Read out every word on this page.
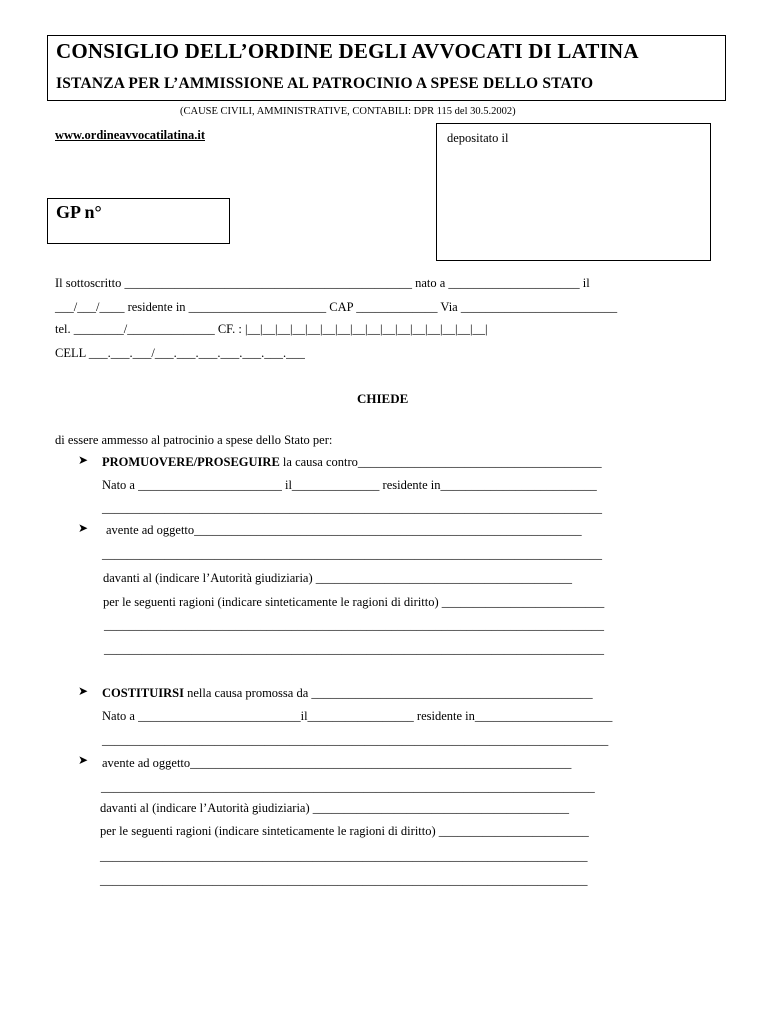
CONSIGLIO DELL’ORDINE DEGLI AVVOCATI DI LATINA
ISTANZA PER L’AMMISSIONE AL PATROCINIO A SPESE DELLO STATO
(CAUSE CIVILI, AMMINISTRATIVE, CONTABILI: DPR 115 del 30.5.2002)
www.ordineavvocatilatina.it	depositato il
GP n°
Il sottoscritto ______________________________________________ nato a _____________________ il
___/___/____ residente in ______________________ CAP _____________ Via _________________________
tel. ________/______________ CF. : |__|__|__|__|__|__|__|__|__|__|__|__|__|__|__|__|
CELL ___.___.___/___.___.___.___.___.___.___
CHIEDE
di essere ammesso al patrocinio a spese dello Stato per:
➤ PROMUOVERE/PROSEGUIRE la causa contro_______________________________________
Nato a _______________________ il______________ residente in_________________________
________________________________________________________________________________
➤ avente ad oggetto______________________________________________________________
________________________________________________________________________________
davanti al (indicare l’Autorità giudiziaria) _________________________________________
per le seguenti ragioni (indicare sinteticamente le ragioni di diritto) __________________________
________________________________________________________________________________
________________________________________________________________________________
➤ COSTITUIRSI nella causa promossa da _____________________________________________
Nato a __________________________il_________________ residente in______________________
_________________________________________________________________________________
➤ avente ad oggetto_____________________________________________________________
_______________________________________________________________________________
davanti al (indicare l’Autorità giudiziaria) _________________________________________
per le seguenti ragioni (indicare sinteticamente le ragioni di diritto) ________________________
______________________________________________________________________________
______________________________________________________________________________
